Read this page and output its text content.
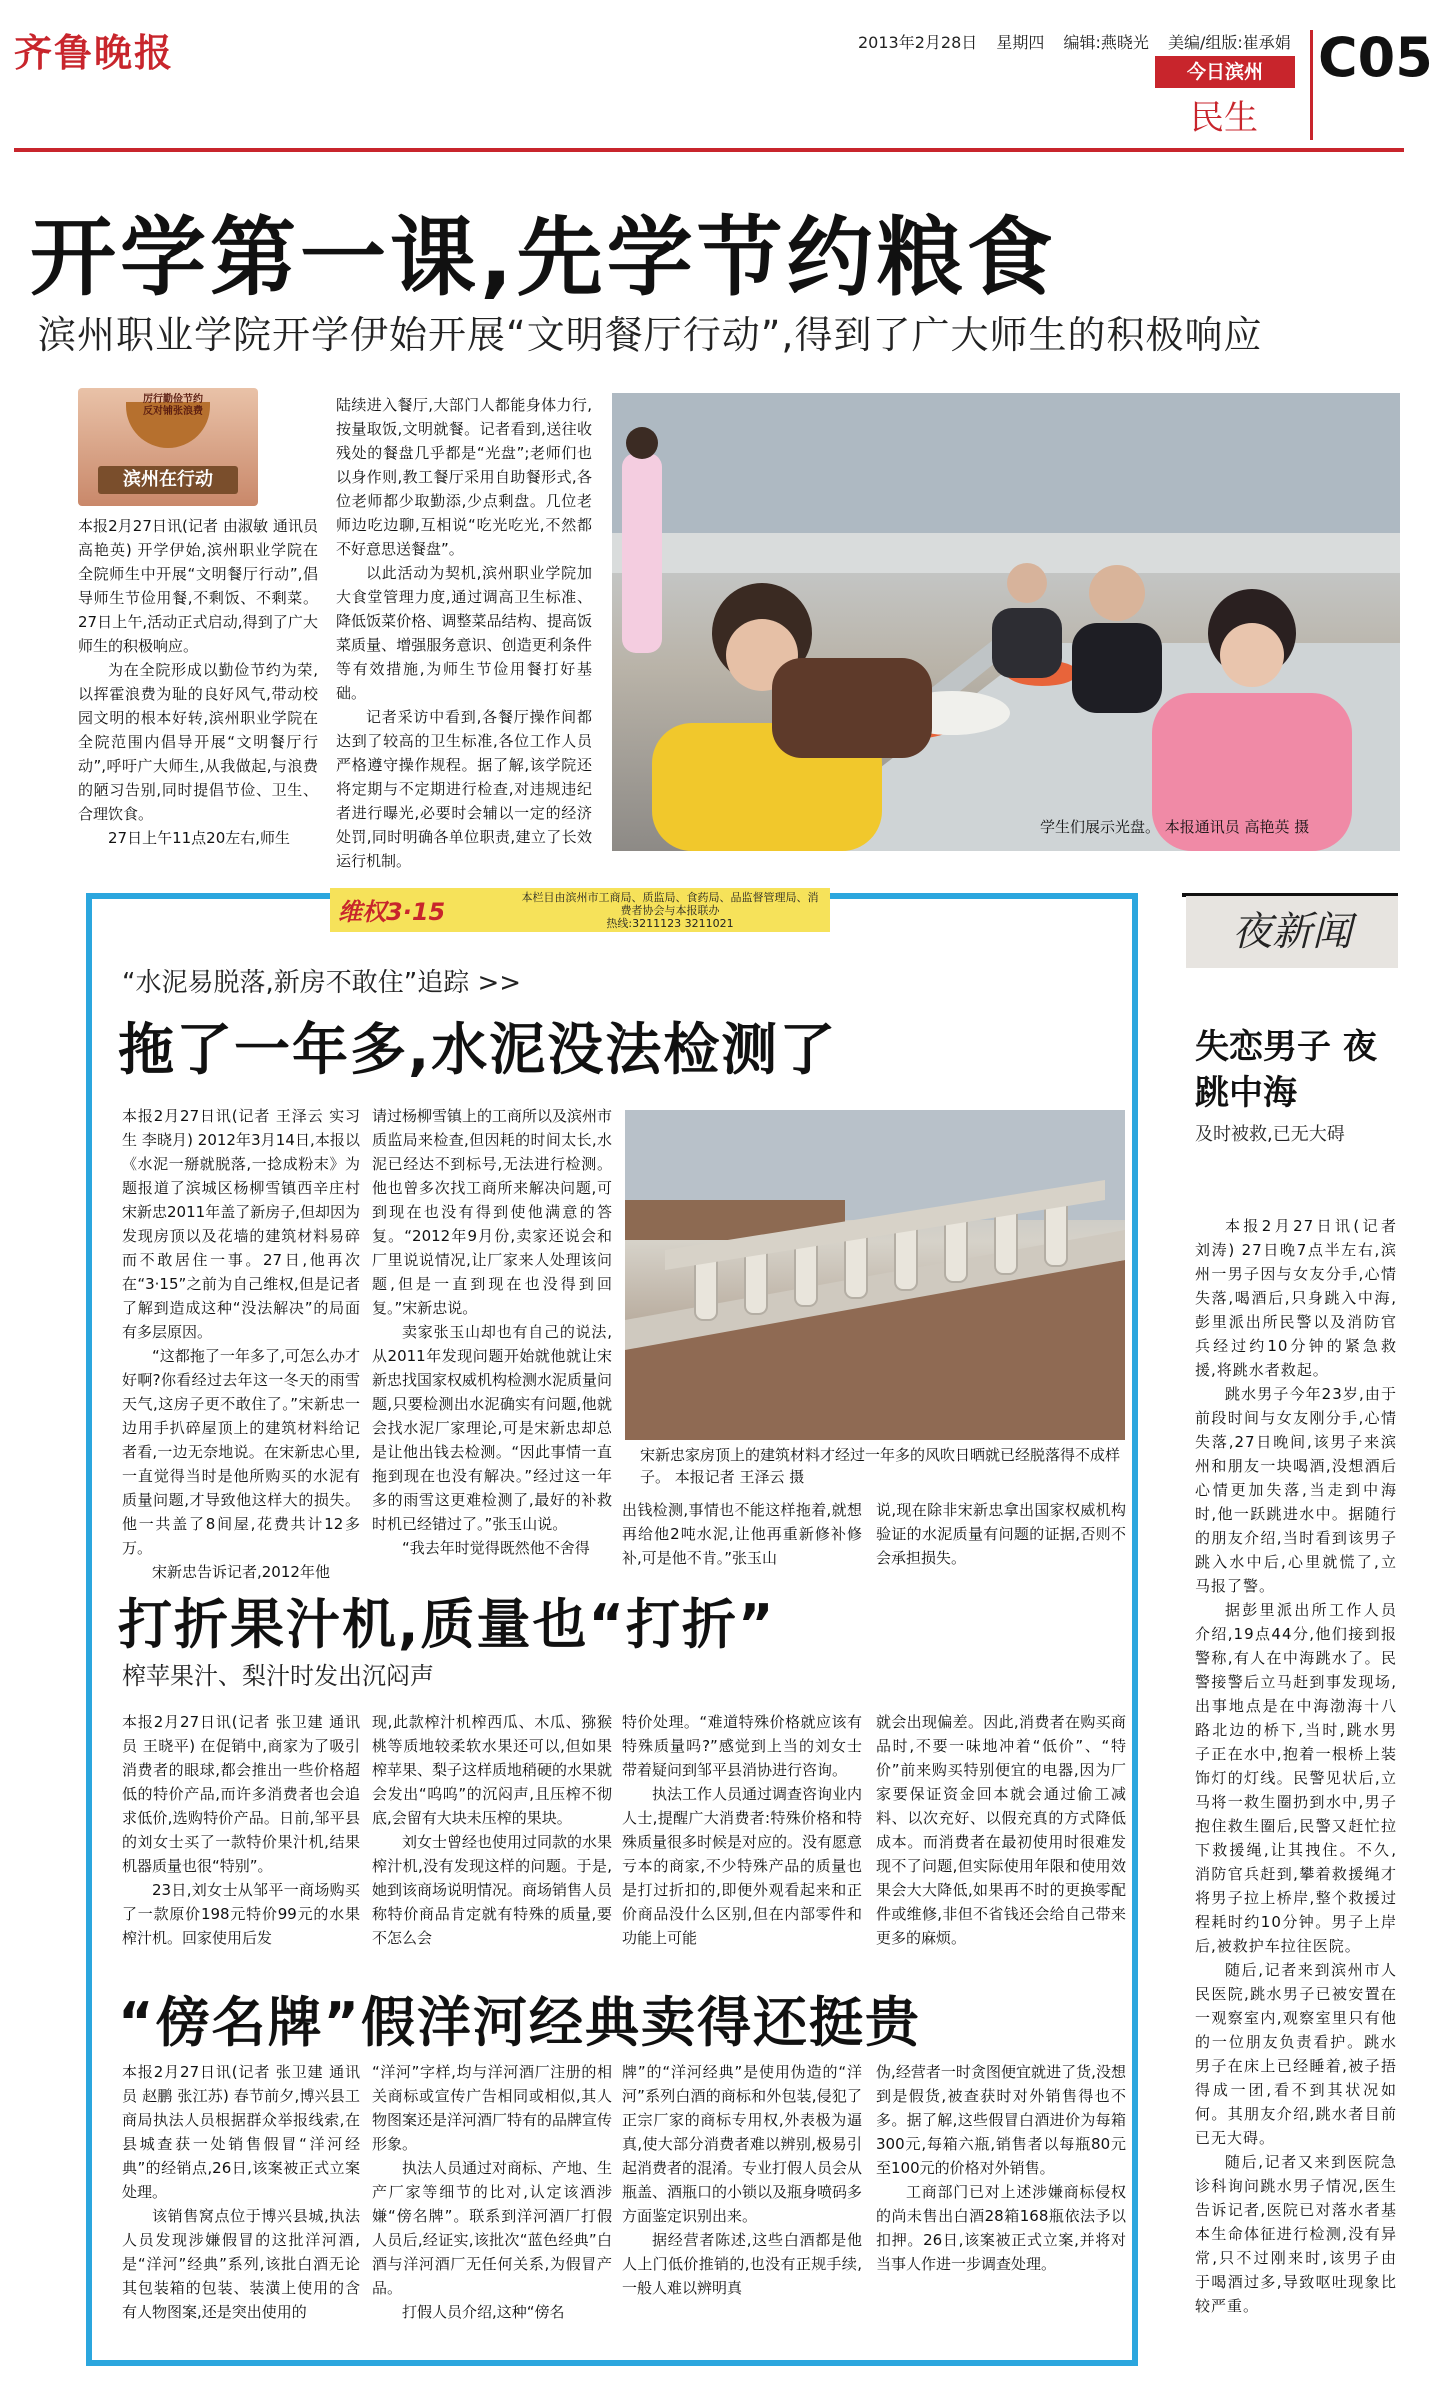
齐鲁晚报	2013年2月28日 星期四 编辑:燕晓光 美编/组版:崔承娟 C05
今日滨州
民生
开学第一课,先学节约粮食
滨州职业学院开学伊始开展“文明餐厅行动”,得到了广大师生的积极响应
厉行勤俭节约 反对铺张浪费
滨州在行动

本报2月27日讯(记者 由淑敏 通讯员 高艳英) 开学伊始,滨州职业学院在全院师生中开展“文明餐厅行动”,倡导师生节俭用餐,不剩饭、不剩菜。27日上午,活动正式启动,得到了广大师生的积极响应。

为在全院形成以勤俭节约为荣,以挥霍浪费为耻的良好风气,带动校园文明的根本好转,滨州职业学院在全院范围内倡导开展“文明餐厅行动”,呼吁广大师生,从我做起,与浪费的陋习告别,同时提倡节俭、卫生、合理饮食。

27日上午11点20左右,师生

陆续进入餐厅,大部门人都能身体力行,按量取饭,文明就餐。记者看到,送往收残处的餐盘几乎都是“光盘”;老师们也以身作则,教工餐厅采用自助餐形式,各位老师都少取勤添,少点剩盘。几位老师边吃边聊,互相说“吃光吃光,不然都不好意思送餐盘”。

以此活动为契机,滨州职业学院加大食堂管理力度,通过调高卫生标准、降低饭菜价格、调整菜品结构、提高饭菜质量、增强服务意识、创造更利条件等有效措施,为师生节俭用餐打好基础。

记者采访中看到,各餐厅操作间都达到了较高的卫生标准,各位工作人员严格遵守操作规程。据了解,该学院还将定期与不定期进行检查,对违规违纪者进行曝光,必要时会辅以一定的经济处罚,同时明确各单位职责,建立了长效运行机制。

学生们展示光盘。 本报通讯员 高艳英 摄
维权3·15
本栏目由滨州市工商局、质监局、食药局、品监督管理局、消费者协会与本报联办
热线:3211123 3211021
“水泥易脱落,新房不敢住”追踪 >>
拖了一年多,水泥没法检测了

本报2月27日讯(记者 王泽云 实习生 李晓月) 2012年3月14日,本报以《水泥一掰就脱落,一捻成粉末》为题报道了滨城区杨柳雪镇西辛庄村宋新忠2011年盖了新房子,但却因为发现房顶以及花墙的建筑材料易碎而不敢居住一事。27日,他再次在“3·15”之前为自己维权,但是记者了解到造成这种“没法解决”的局面有多层原因。

“这都拖了一年多了,可怎么办才好啊?你看经过去年这一冬天的雨雪天气,这房子更不敢住了。”宋新忠一边用手扒碎屋顶上的建筑材料给记者看,一边无奈地说。在宋新忠心里,一直觉得当时是他所购买的水泥有质量问题,才导致他这样大的损失。他一共盖了8间屋,花费共计12多万。

宋新忠告诉记者,2012年他

请过杨柳雪镇上的工商所以及滨州市质监局来检查,但因耗的时间太长,水泥已经达不到标号,无法进行检测。他也曾多次找工商所来解决问题,可到现在也没有得到使他满意的答复。“2012年9月份,卖家还说会和厂里说说情况,让厂家来人处理该问题,但是一直到现在也没得到回复。”宋新忠说。

卖家张玉山却也有自己的说法,从2011年发现问题开始就他就让宋新忠找国家权威机构检测水泥质量问题,只要检测出水泥确实有问题,他就会找水泥厂家理论,可是宋新忠却总是让他出钱去检测。“因此事情一直拖到现在也没有解决。”经过这一年多的雨雪这更难检测了,最好的补救时机已经错过了。”张玉山说。

“我去年时觉得既然他不舍得

宋新忠家房顶上的建筑材料才经过一年多的风吹日晒就已经脱落得不成样子。 本报记者 王泽云 摄

出钱检测,事情也不能这样拖着,就想再给他2吨水泥,让他再重新修补修补,可是他不肯。”张玉山

说,现在除非宋新忠拿出国家权威机构验证的水泥质量有问题的证据,否则不会承担损失。

打折果汁机,质量也“打折”
榨苹果汁、梨汁时发出沉闷声

本报2月27日讯(记者 张卫建 通讯员 王晓平) 在促销中,商家为了吸引消费者的眼球,都会推出一些价格超低的特价产品,而许多消费者也会追求低价,选购特价产品。日前,邹平县的刘女士买了一款特价果汁机,结果机器质量也很“特别”。

23日,刘女士从邹平一商场购买了一款原价198元特价99元的水果榨汁机。回家使用后发

现,此款榨汁机榨西瓜、木瓜、猕猴桃等质地较柔软水果还可以,但如果榨苹果、梨子这样质地稍硬的水果就会发出“呜呜”的沉闷声,且压榨不彻底,会留有大块未压榨的果块。

刘女士曾经也使用过同款的水果榨汁机,没有发现这样的问题。于是,她到该商场说明情况。商场销售人员称特价商品肯定就有特殊的质量,要不怎么会

特价处理。“难道特殊价格就应该有特殊质量吗?”感觉到上当的刘女士带着疑问到邹平县消协进行咨询。

执法工作人员通过调查咨询业内人士,提醒广大消费者:特殊价格和特殊质量很多时候是对应的。没有愿意亏本的商家,不少特殊产品的质量也是打过折扣的,即便外观看起来和正价商品没什么区别,但在内部零件和功能上可能

就会出现偏差。因此,消费者在购买商品时,不要一味地冲着“低价”、“特价”前来购买特别便宜的电器,因为厂家要保证资金回本就会通过偷工减料、以次充好、以假充真的方式降低成本。而消费者在最初使用时很难发现不了问题,但实际使用年限和使用效果会大大降低,如果再不时的更换零配件或维修,非但不省钱还会给自己带来更多的麻烦。

“傍名牌”假洋河经典卖得还挺贵

本报2月27日讯(记者 张卫建 通讯员 赵鹏 张江苏) 春节前夕,博兴县工商局执法人员根据群众举报线索,在县城查获一处销售假冒“洋河经典”的经销点,26日,该案被正式立案处理。

该销售窝点位于博兴县城,执法人员发现涉嫌假冒的这批洋河酒,是“洋河”经典”系列,该批白酒无论其包装箱的包装、装潢上使用的含有人物图案,还是突出使用的

“洋河”字样,均与洋河酒厂注册的相关商标或宣传广告相同或相似,其人物图案还是洋河酒厂特有的品牌宣传形象。

执法人员通过对商标、产地、生产厂家等细节的比对,认定该酒涉嫌“傍名牌”。联系到洋河酒厂打假人员后,经证实,该批次“蓝色经典”白酒与洋河酒厂无任何关系,为假冒产品。

打假人员介绍,这种“傍名

牌”的“洋河经典”是使用伪造的“洋河”系列白酒的商标和外包装,侵犯了正宗厂家的商标专用权,外表极为逼真,使大部分消费者难以辨别,极易引起消费者的混淆。专业打假人员会从瓶盖、酒瓶口的小锁以及瓶身喷码多方面鉴定识别出来。

据经营者陈述,这些白酒都是他人上门低价推销的,也没有正规手续,一般人难以辨明真

伪,经营者一时贪图便宜就进了货,没想到是假货,被查获时对外销售得也不多。据了解,这些假冒白酒进价为每箱300元,每箱六瓶,销售者以每瓶80元至100元的价格对外销售。

工商部门已对上述涉嫌商标侵权的尚未售出白酒28箱168瓶依法予以扣押。26日,该案被正式立案,并将对当事人作进一步调查处理。

夜新闻
失恋男子 夜跳中海
及时被救,已无大碍

本报2月27日讯(记者 刘涛) 27日晚7点半左右,滨州一男子因与女友分手,心情失落,喝酒后,只身跳入中海,彭里派出所民警以及消防官兵经过约10分钟的紧急救援,将跳水者救起。

跳水男子今年23岁,由于前段时间与女友刚分手,心情失落,27日晚间,该男子来滨州和朋友一块喝酒,没想酒后心情更加失落,当走到中海时,他一跃跳进水中。据随行的朋友介绍,当时看到该男子跳入水中后,心里就慌了,立马报了警。

据彭里派出所工作人员介绍,19点44分,他们接到报警称,有人在中海跳水了。民警接警后立马赶到事发现场,出事地点是在中海渤海十八路北边的桥下,当时,跳水男子正在水中,抱着一根桥上装饰灯的灯线。民警见状后,立马将一救生圈扔到水中,男子抱住救生圈后,民警又赶忙拉下救援绳,让其拽住。不久,消防官兵赶到,攀着救援绳才将男子拉上桥岸,整个救援过程耗时约10分钟。男子上岸后,被救护车拉往医院。

随后,记者来到滨州市人民医院,跳水男子已被安置在一观察室内,观察室里只有他的一位朋友负责看护。跳水男子在床上已经睡着,被子捂得成一团,看不到其状况如何。其朋友介绍,跳水者目前已无大碍。

随后,记者又来到医院急诊科询问跳水男子情况,医生告诉记者,医院已对落水者基本生命体征进行检测,没有异常,只不过刚来时,该男子由于喝酒过多,导致呕吐现象比较严重。
